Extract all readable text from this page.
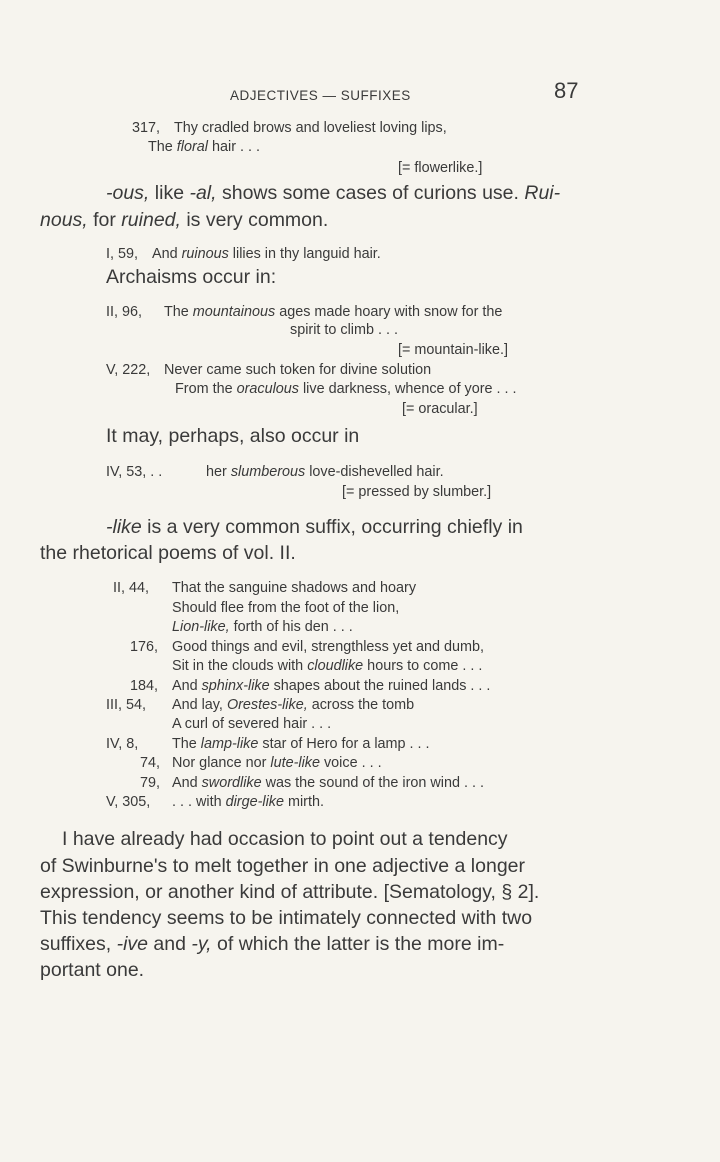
ADJECTIVES — SUFFIXES	87
317, Thy cradled brows and loveliest loving lips,
The floral hair . . .
[= flowerlike.]
-ous, like -al, shows some cases of curions use. Rui-
nous, for ruined, is very common.
I, 59, And ruinous lilies in thy languid hair.
Archaisms occur in:
II, 96, The mountainous ages made hoary with snow for the
spirit to climb . . .
[= mountain-like.]
V, 222, Never came such token for divine solution
From the oraculous live darkness, whence of yore . . .
[= oracular.]
It may, perhaps, also occur in
IV, 53, . .	her slumberous love-dishevelled hair.
[= pressed by slumber.]
-like is a very common suffix, occurring chiefly in
the rhetorical poems of vol. II.
II, 44, That the sanguine shadows and hoary
Should flee from the foot of the lion,
Lion-like, forth of his den . . .
176, Good things and evil, strengthless yet and dumb,
Sit in the clouds with cloudlike hours to come . . .
184, And sphinx-like shapes about the ruined lands . . .
III, 54, And lay, Orestes-like, across the tomb
A curl of severed hair . . .
IV, 8, The lamp-like star of Hero for a lamp . . .
74, Nor glance nor lute-like voice . . .
79, And swordlike was the sound of the iron wind . . .
V, 305, . . . with dirge-like mirth.
I have already had occasion to point out a tendency
of Swinburne's to melt together in one adjective a longer
expression, or another kind of attribute. [Sematology, § 2].
This tendency seems to be intimately connected with two
suffixes, -ive and -y, of which the latter is the more im-
portant one.
